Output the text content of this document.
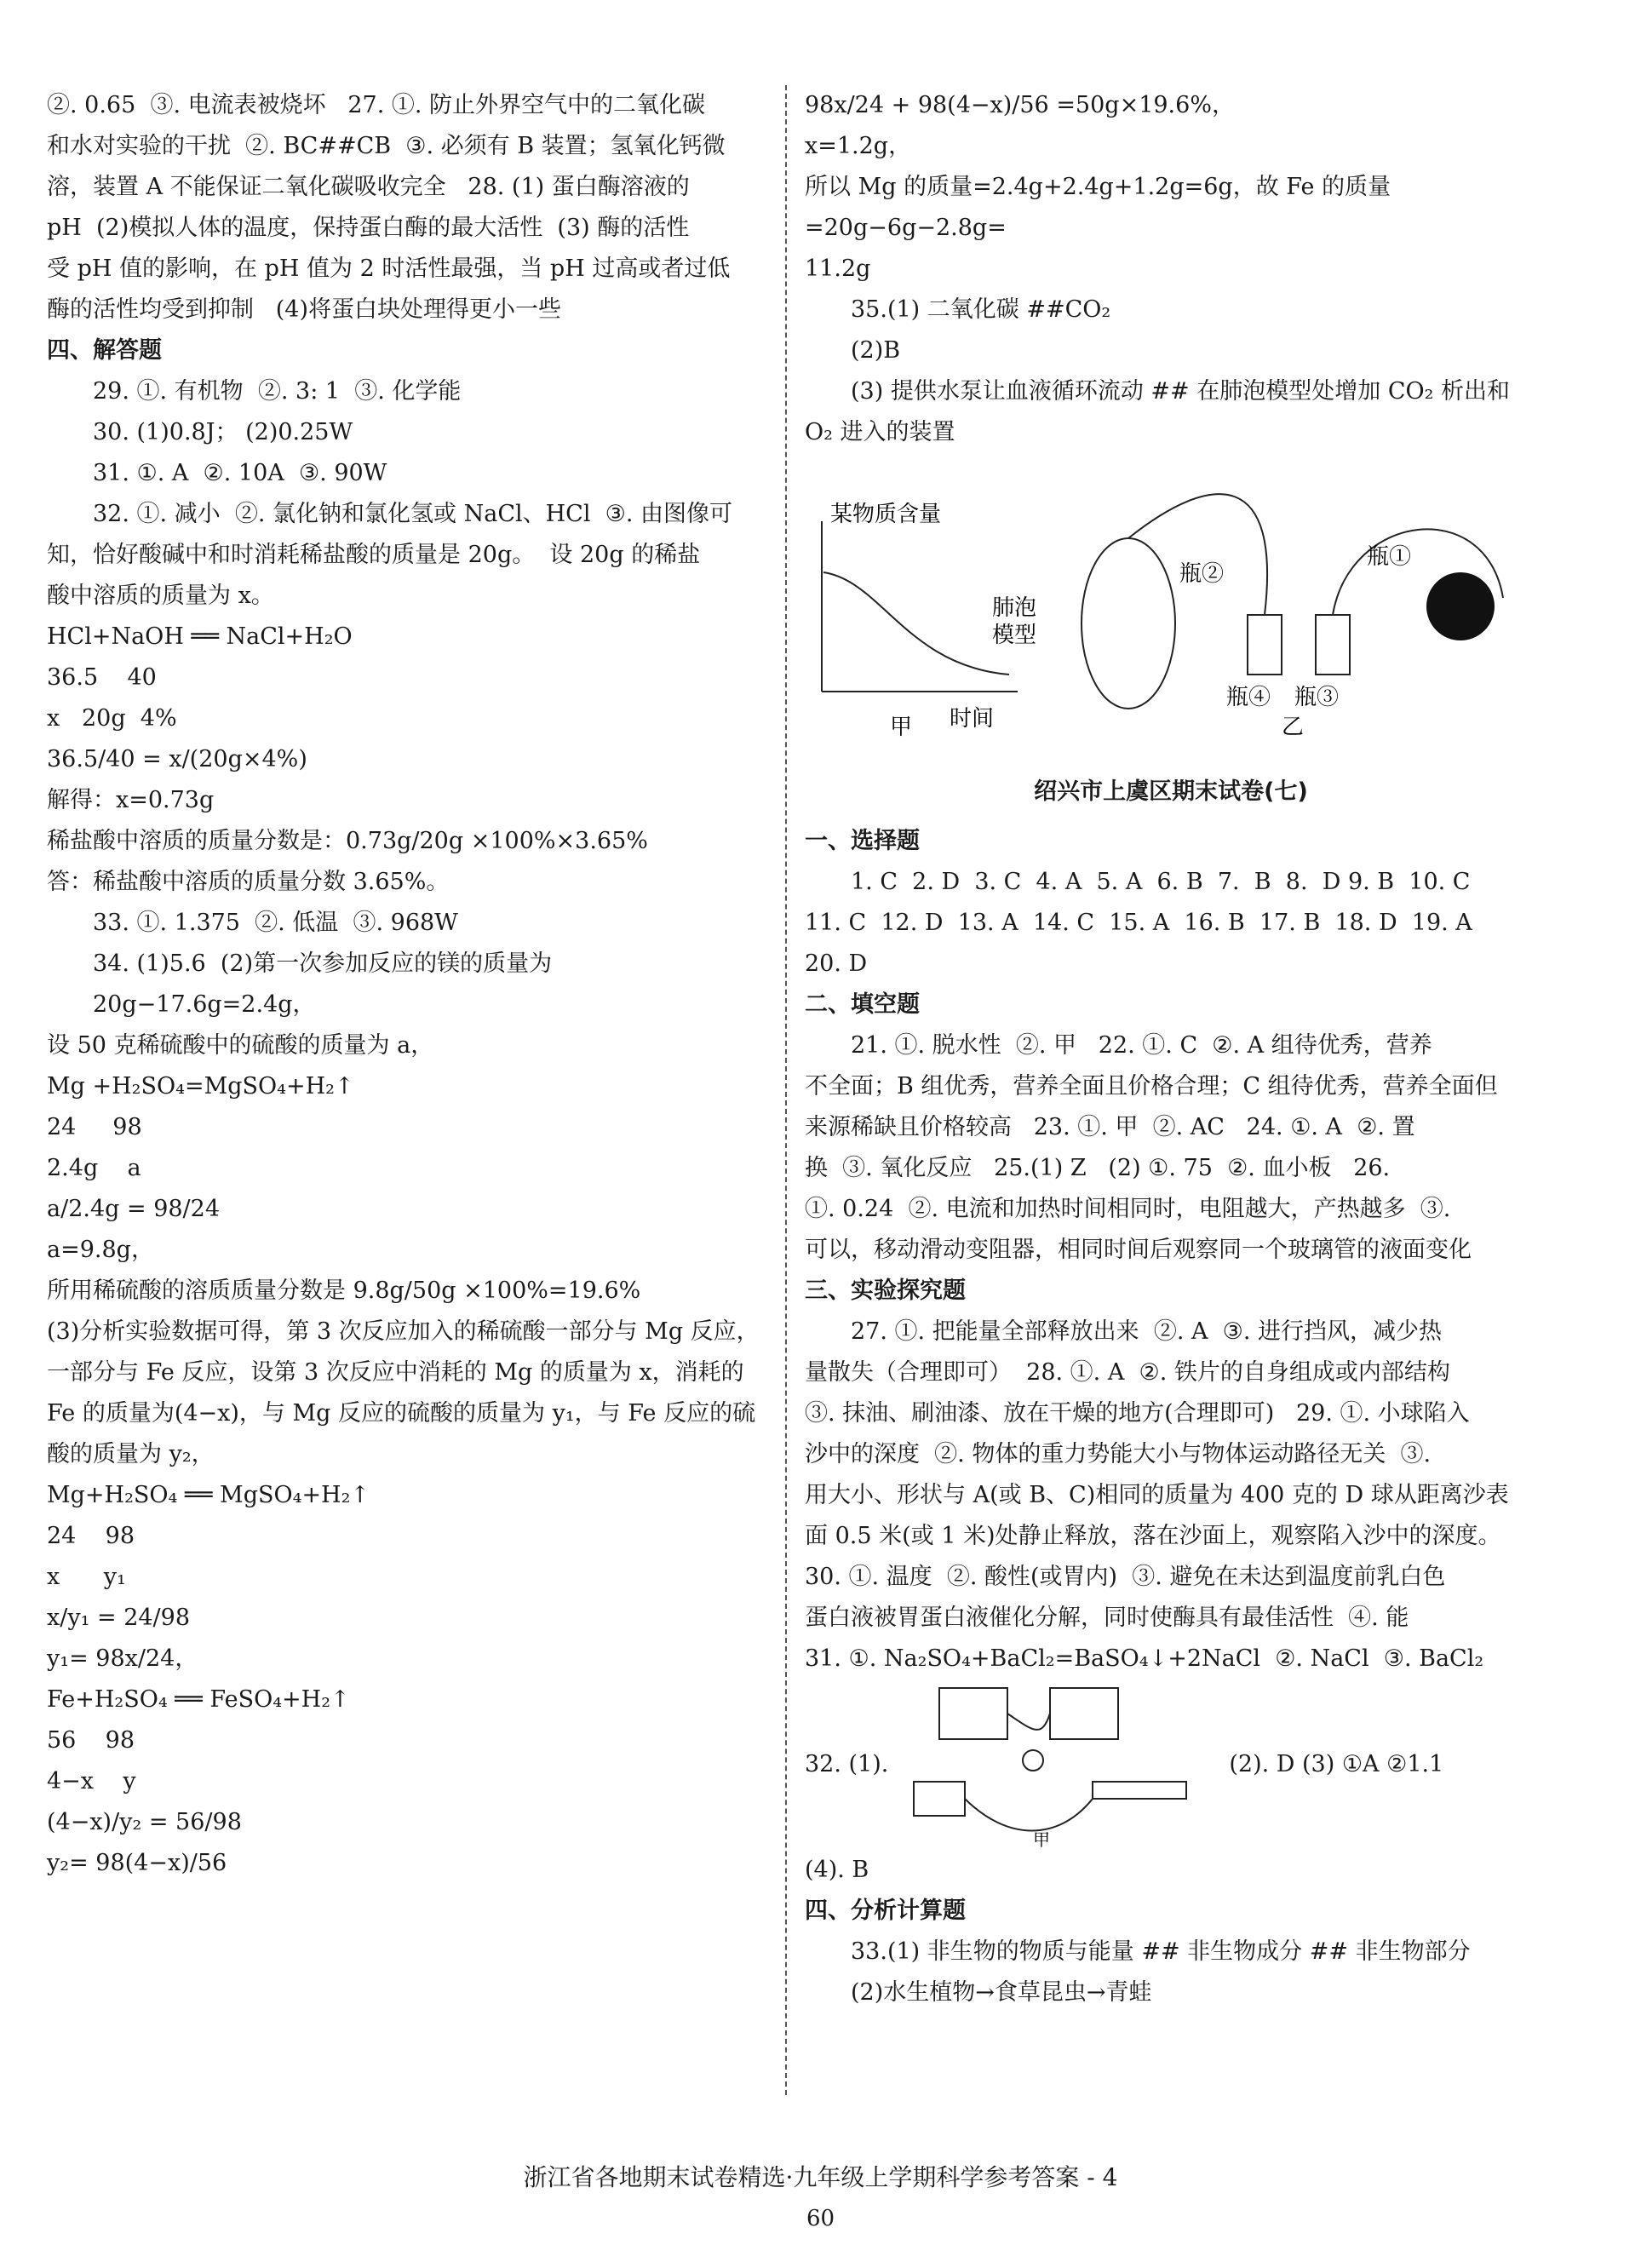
②. 0.65  ③. 电流表被烧坏   27. ①. 防止外界空气中的二氧化碳
和水对实验的干扰  ②. BC##CB  ③. 必须有 B 装置；氢氧化钙微
溶，装置 A 不能保证二氧化碳吸收完全   28. (1) 蛋白酶溶液的
pH  (2)模拟人体的温度，保持蛋白酶的最大活性  (3) 酶的活性
受 pH 值的影响，在 pH 值为 2 时活性最强，当 pH 过高或者过低
酶的活性均受到抑制   (4)将蛋白块处理得更小一些
四、解答题
29. ①. 有机物  ②. 3: 1  ③. 化学能
30. (1)0.8J； (2)0.25W
31. ①. A  ②. 10A  ③. 90W
32. ①. 减小  ②. 氯化钠和氯化氢或 NaCl、HCl  ③. 由图像可
知，恰好酸碱中和时消耗稀盐酸的质量是 20g。  设 20g 的稀盐
酸中溶质的质量为 x。
HCl+NaOH ══ NaCl+H₂O
36.5    40
x   20g  4%
36.5/40 = x/(20g×4%)
解得：x=0.73g
稀盐酸中溶质的质量分数是：0.73g/20g ×100%×3.65%
答：稀盐酸中溶质的质量分数 3.65%。
33. ①. 1.375  ②. 低温  ③. 968W
34. (1)5.6  (2)第一次参加反应的镁的质量为 20g−17.6g=2.4g，
设 50 克稀硫酸中的硫酸的质量为 a，
Mg +H₂SO₄=MgSO₄+H₂↑
24     98
2.4g    a
a/2.4g = 98/24
a=9.8g，
所用稀硫酸的溶质质量分数是 9.8g/50g ×100%=19.6%
(3)分析实验数据可得，第 3 次反应加入的稀硫酸一部分与 Mg 反应，
一部分与 Fe 反应，设第 3 次反应中消耗的 Mg 的质量为 x，消耗的
Fe 的质量为(4−x)，与 Mg 反应的硫酸的质量为 y₁，与 Fe 反应的硫
酸的质量为 y₂，
Mg+H₂SO₄ ══ MgSO₄+H₂↑
24    98
x      y₁
x/y₁ = 24/98
y₁= 98x/24，
Fe+H₂SO₄ ══ FeSO₄+H₂↑
56    98
4−x    y
(4−x)/y₂ = 56/98
y₂= 98(4−x)/56
98x/24 + 98(4−x)/56 =50g×19.6%，
x=1.2g，
所以 Mg 的质量=2.4g+2.4g+1.2g=6g，故 Fe 的质量=20g−6g−2.8g=
11.2g
35.(1) 二氧化碳 ##CO₂
(2)B
(3) 提供水泵让血液循环流动 ## 在肺泡模型处增加 CO₂ 析出和
O₂ 进入的装置
某物质含量
时间
肺泡
模型
瓶②
瓶①
瓶④ 瓶③
甲	乙
绍兴市上虞区期末试卷(七)
一、选择题
1. C  2. D  3. C  4. A  5. A  6. B  7.  B  8.  D 9. B  10. C
11. C  12. D  13. A  14. C  15. A  16. B  17. B  18. D  19. A
20. D
二、填空题
21. ①. 脱水性  ②. 甲   22. ①. C  ②. A 组待优秀，营养
不全面；B 组优秀，营养全面且价格合理；C 组待优秀，营养全面但
来源稀缺且价格较高   23. ①. 甲  ②. AC   24. ①. A  ②. 置
换  ③. 氧化反应   25.(1) Z   (2) ①. 75  ②. 血小板   26.
①. 0.24  ②. 电流和加热时间相同时，电阻越大，产热越多  ③.
可以，移动滑动变阻器，相同时间后观察同一个玻璃管的液面变化
三、实验探究题
27. ①. 把能量全部释放出来  ②. A  ③. 进行挡风，减少热
量散失（合理即可）  28. ①. A  ②. 铁片的自身组成或内部结构
③. 抹油、刷油漆、放在干燥的地方(合理即可)   29. ①. 小球陷入
沙中的深度  ②. 物体的重力势能大小与物体运动路径无关  ③.
用大小、形状与 A(或 B、C)相同的质量为 400 克的 D 球从距离沙表
面 0.5 米(或 1 米)处静止释放，落在沙面上，观察陷入沙中的深度。
30. ①. 温度  ②. 酸性(或胃内)  ③. 避免在未达到温度前乳白色
蛋白液被胃蛋白液催化分解，同时使酶具有最佳活性  ④. 能
31. ①. Na₂SO₄+BaCl₂=BaSO₄↓+2NaCl  ②. NaCl  ③. BaCl₂
32. (1).
甲
(2). D (3) ①A ②1.1
(4). B
四、分析计算题
33.(1) 非生物的物质与能量 ## 非生物成分 ## 非生物部分
(2)水生植物→食草昆虫→青蛙
浙江省各地期末试卷精选·九年级上学期科学参考答案 - 4
60
